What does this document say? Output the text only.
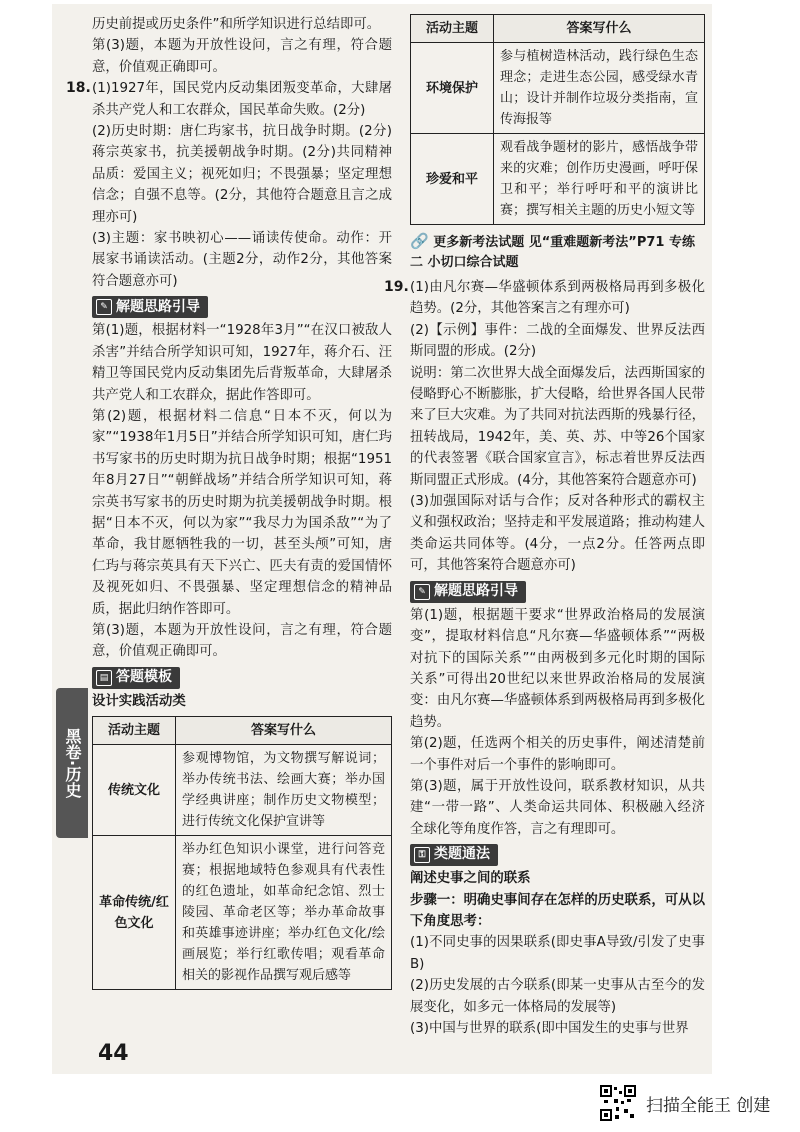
历史前提或历史条件”和所学知识进行总结即可。

第(3)题，本题为开放性设问，言之有理，符合题意，价值观正确即可。

18. (1)1927年，国民党内反动集团叛变革命，大肆屠杀共产党人和工农群众，国民革命失败。(2分)

(2)历史时期：唐仁玙家书，抗日战争时期。(2分)蒋宗英家书，抗美援朝战争时期。(2分)共同精神品质：爱国主义；视死如归；不畏强暴；坚定理想信念；自强不息等。(2分，其他符合题意且言之成理亦可)

(3)主题：家书映初心——诵读传使命。动作：开展家书诵读活动。(主题2分，动作2分，其他答案符合题意亦可)

✎ 解题思路引导

第(1)题，根据材料一“1928年3月”“在汉口被敌人杀害”并结合所学知识可知，1927年，蒋介石、汪精卫等国民党内反动集团先后背叛革命，大肆屠杀共产党人和工农群众，据此作答即可。

第(2)题，根据材料二信息“日本不灭，何以为家”“1938年1月5日”并结合所学知识可知，唐仁玙书写家书的历史时期为抗日战争时期；根据“1951年8月27日”“朝鲜战场”并结合所学知识可知，蒋宗英书写家书的历史时期为抗美援朝战争时期。根据“日本不灭，何以为家”“我尽力为国杀敌”“为了革命，我甘愿牺牲我的一切，甚至头颅”可知，唐仁玙与蒋宗英具有天下兴亡、匹夫有责的爱国情怀及视死如归、不畏强暴、坚定理想信念的精神品质，据此归纳作答即可。

第(3)题，本题为开放性设问，言之有理，符合题意，价值观正确即可。

▤ 答题模板

设计实践活动类

活动主题	答案写什么
传统文化	参观博物馆，为文物撰写解说词；举办传统书法、绘画大赛；举办国学经典讲座；制作历史文物模型；进行传统文化保护宣讲等
革命传统/红色文化	举办红色知识小课堂，进行问答竞赛；根据地域特色参观具有代表性的红色遗址，如革命纪念馆、烈士陵园、革命老区等；举办革命故事和英雄事迹讲座；举办红色文化/绘画展览；举行红歌传唱；观看革命相关的影视作品撰写观后感等
黑卷·历史
44
活动主题	答案写什么
环境保护	参与植树造林活动，践行绿色生态理念；走进生态公园，感受绿水青山；设计并制作垃圾分类指南，宣传海报等
珍爱和平	观看战争题材的影片，感悟战争带来的灾难；创作历史漫画，呼吁保卫和平；举行呼吁和平的演讲比赛；撰写相关主题的历史小短文等
🔗 更多新考法试题 见“重难题新考法”P71 专练二 小切口综合试题
19. (1)由凡尔赛—华盛顿体系到两极格局再到多极化趋势。(2分，其他答案言之有理亦可)

(2)【示例】事件：二战的全面爆发、世界反法西斯同盟的形成。(2分)

说明：第二次世界大战全面爆发后，法西斯国家的侵略野心不断膨胀，扩大侵略，给世界各国人民带来了巨大灾难。为了共同对抗法西斯的残暴行径，扭转战局，1942年，美、英、苏、中等26个国家的代表签署《联合国家宣言》，标志着世界反法西斯同盟正式形成。(4分，其他答案符合题意亦可)

(3)加强国际对话与合作；反对各种形式的霸权主义和强权政治；坚持走和平发展道路；推动构建人类命运共同体等。(4分，一点2分。任答两点即可，其他答案符合题意亦可)

✎ 解题思路引导

第(1)题，根据题干要求“世界政治格局的发展演变”，提取材料信息“凡尔赛—华盛顿体系”“两极对抗下的国际关系”“由两极到多元化时期的国际关系”可得出20世纪以来世界政治格局的发展演变：由凡尔赛—华盛顿体系到两极格局再到多极化趋势。

第(2)题，任选两个相关的历史事件，阐述清楚前一个事件对后一个事件的影响即可。

第(3)题，属于开放性设问，联系教材知识，从共建“一带一路”、人类命运共同体、积极融入经济全球化等角度作答，言之有理即可。

⚿ 类题通法

阐述史事之间的联系

步骤一：明确史事间存在怎样的历史联系，可从以下角度思考：

(1)不同史事的因果联系(即史事A导致/引发了史事B)

(2)历史发展的古今联系(即某一史事从古至今的发展变化，如多元一体格局的发展等)

(3)中国与世界的联系(即中国发生的史事与世界

扫描全能王 创建
